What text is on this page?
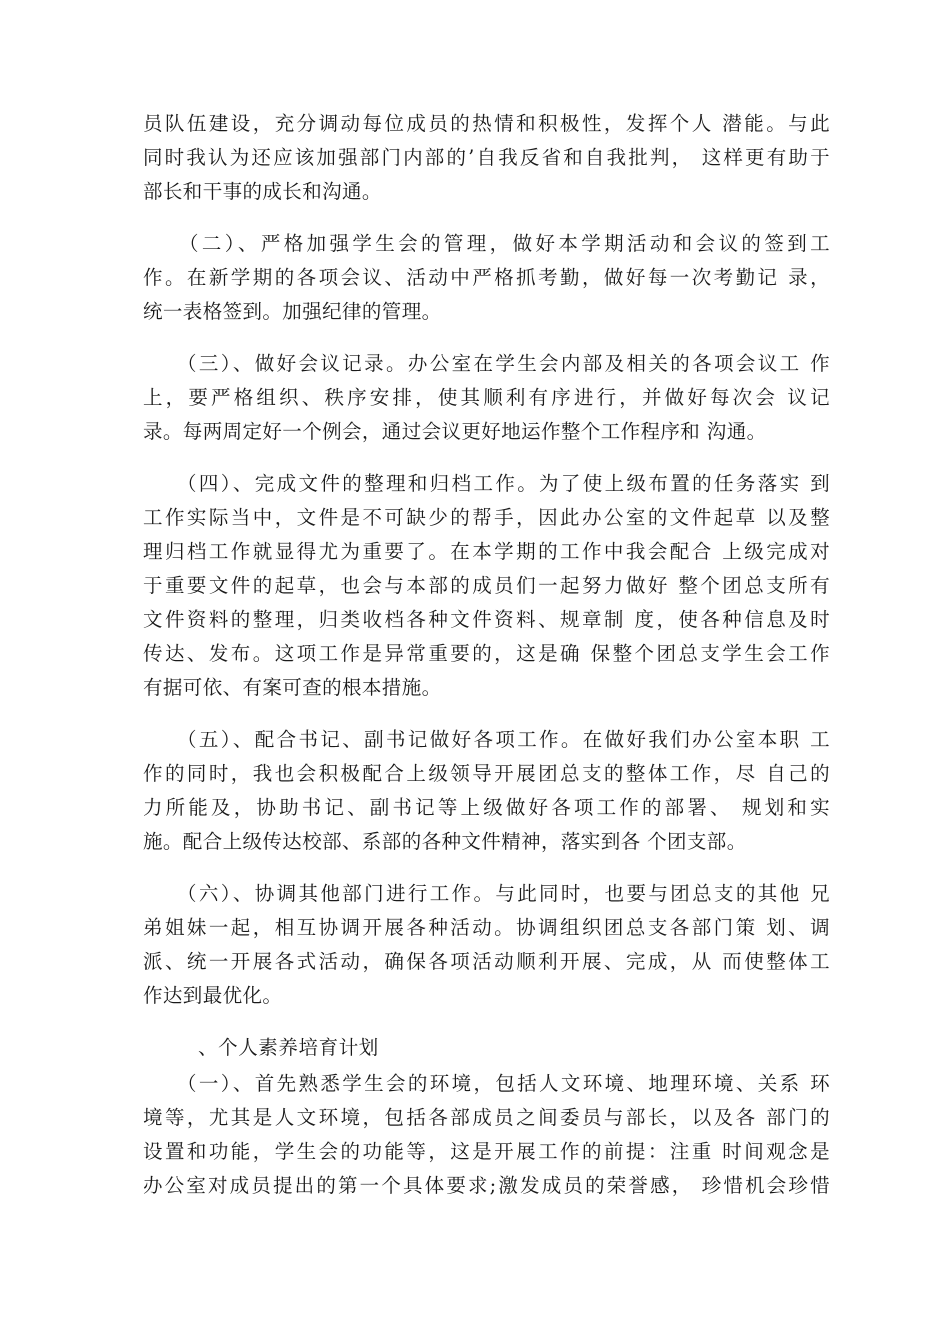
员队伍建设，充分调动每位成员的热情和积极性，发挥个人 潜能。与此
同时我认为还应该加强部门内部的’自我反省和自我批判， 这样更有助于
部长和干事的成长和沟通。

　　（二）、严格加强学生会的管理，做好本学期活动和会议的签到工
作。在新学期的各项会议、活动中严格抓考勤，做好每一次考勤记 录，
统一表格签到。加强纪律的管理。

　　（三）、做好会议记录。办公室在学生会内部及相关的各项会议工 作
上，要严格组织、秩序安排，使其顺利有序进行，并做好每次会 议记
录。每两周定好一个例会，通过会议更好地运作整个工作程序和 沟通。

　　（四）、完成文件的整理和归档工作。为了使上级布置的任务落实 到
工作实际当中，文件是不可缺少的帮手，因此办公室的文件起草 以及整
理归档工作就显得尤为重要了。在本学期的工作中我会配合 上级完成对
于重要文件的起草，也会与本部的成员们一起努力做好 整个团总支所有
文件资料的整理，归类收档各种文件资料、规章制 度，使各种信息及时
传达、发布。这项工作是异常重要的，这是确 保整个团总支学生会工作
有据可依、有案可查的根本措施。

　　（五）、配合书记、副书记做好各项工作。在做好我们办公室本职 工
作的同时，我也会积极配合上级领导开展团总支的整体工作，尽 自己的
力所能及，协助书记、副书记等上级做好各项工作的部署、 规划和实
施。配合上级传达校部、系部的各种文件精神，落实到各 个团支部。

　　（六）、协调其他部门进行工作。与此同时，也要与团总支的其他 兄
弟姐妹一起，相互协调开展各种活动。协调组织团总支各部门策 划、调
派、统一开展各式活动，确保各项活动顺利开展、完成，从 而使整体工
作达到最优化。

、个人素养培育计划

　　（一）、首先熟悉学生会的环境，包括人文环境、地理环境、关系 环
境等，尤其是人文环境，包括各部成员之间委员与部长，以及各 部门的
设置和功能，学生会的功能等，这是开展工作的前提：注重 时间观念是
办公室对成员提出的第一个具体要求;激发成员的荣誉感， 珍惜机会珍惜
